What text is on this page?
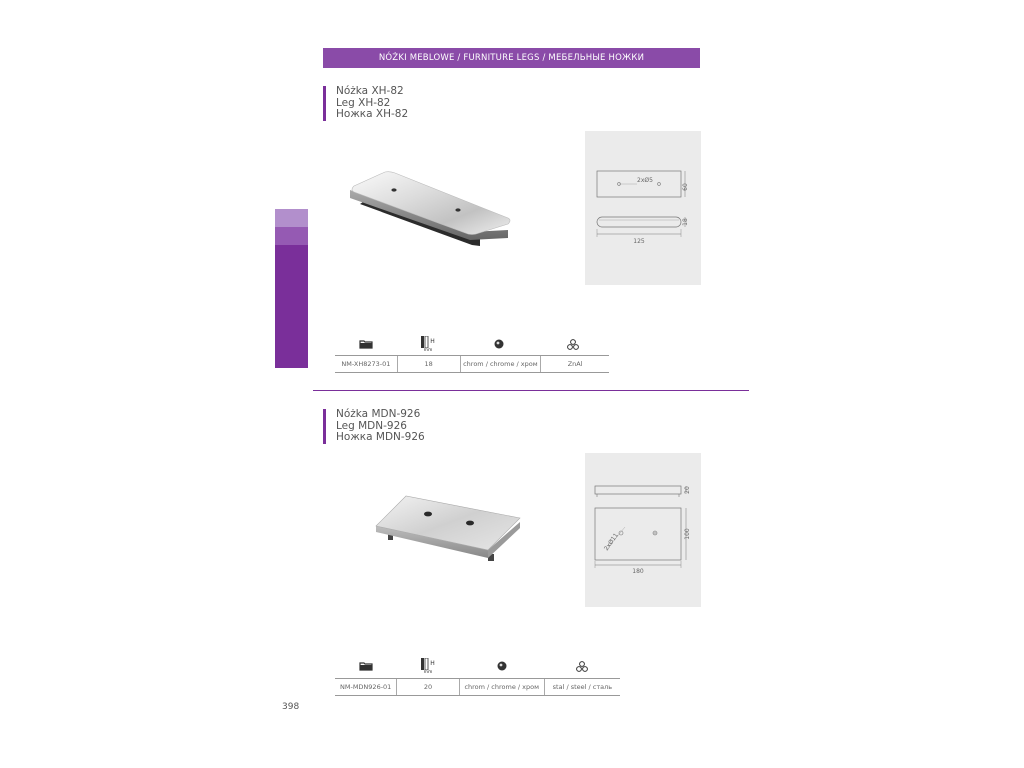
NÓŻKI MEBLOWE / FURNITURE LEGS / МЕБЕЛЬНЫЕ НОЖКИ
Nóżka XH-82
Leg XH-82
Ножка XH-82
2xØ5
60
18
125
H
mm
NM-XH8273-01	18	chrom / chrome / хром	ZnAl
Nóżka MDN-926
Leg MDN-926
Ножка MDN-926
20
2xØ11	100
180
H
mm
NM-MDN926-01	20	chrom / chrome / хром	stal / steel / сталь
398
